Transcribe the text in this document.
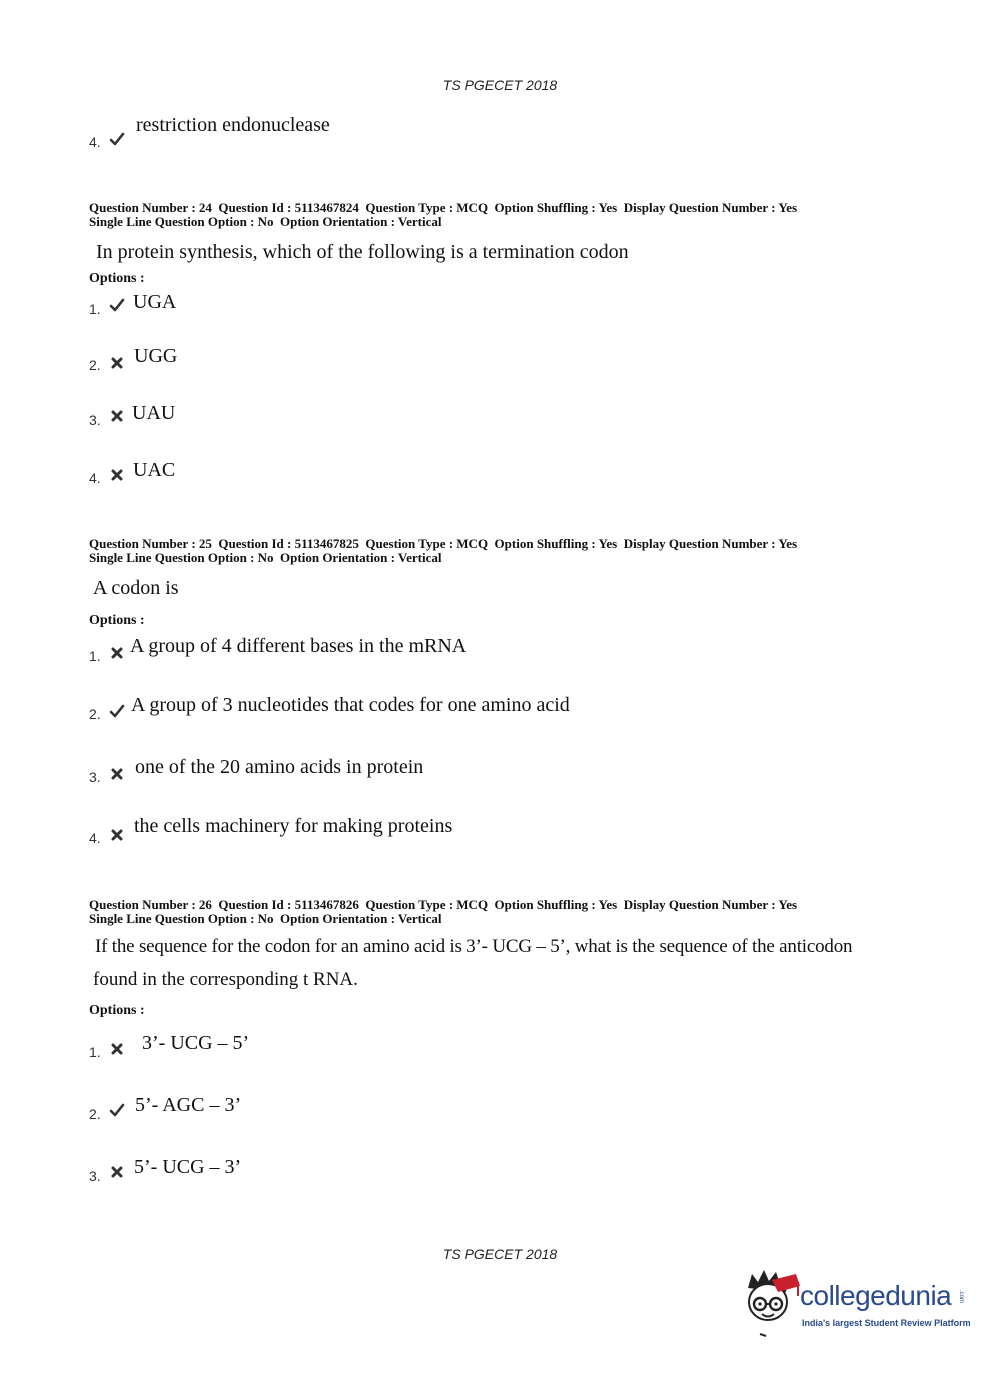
TS PGECET 2018
4.
restriction endonuclease
Question Number : 24  Question Id : 5113467824  Question Type : MCQ  Option Shuffling : Yes  Display Question Number : Yes
Single Line Question Option : No  Option Orientation : Vertical
In protein synthesis, which of the following is a termination codon
Options :
1. UGA
2. UGG
3. UAU
4. UAC
Question Number : 25  Question Id : 5113467825  Question Type : MCQ  Option Shuffling : Yes  Display Question Number : Yes
Single Line Question Option : No  Option Orientation : Vertical
A codon is
Options :
1. A group of 4 different bases in the mRNA
2. A group of 3 nucleotides that codes for one amino acid
3. one of the 20 amino acids in protein
4.
the cells machinery for making proteins
Question Number : 26  Question Id : 5113467826  Question Type : MCQ  Option Shuffling : Yes  Display Question Number : Yes
Single Line Question Option : No  Option Orientation : Vertical
If the sequence for the codon for an amino acid is 3’- UCG – 5’, what is the sequence of the anticodon
found in the corresponding t RNA.
Options :
1. 3’- UCG – 5’
2. 5’- AGC – 3’
3. 5’- UCG – 3’
TS PGECET 2018
collegedunia .com
India's largest Student Review Platform
